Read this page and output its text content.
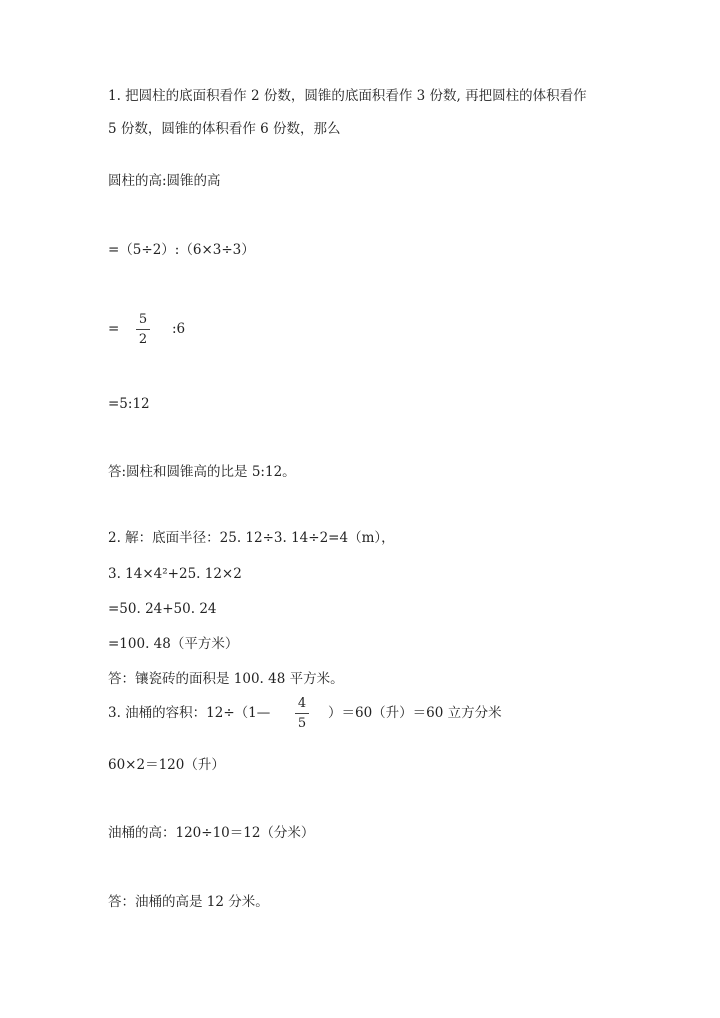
1. 把圆柱的底面积看作 2 份数，圆锥的底面积看作 3 份数, 再把圆柱的体积看作
5 份数，圆锥的体积看作 6 份数，那么
圆柱的高:圆锥的高
=（5÷2）:（6×3÷3）
=
5
2
:6
=5:12
答:圆柱和圆锥高的比是 5:12。
2. 解：底面半径：25. 12÷3. 14÷2=4（m），
3. 14×4²+25. 12×2
=50. 24+50. 24
=100. 48（平方米）
答：镶瓷砖的面积是 100. 48 平方米。
3. 油桶的容积：12÷（1—
4
5
）＝60（升）＝60 立方分米
60×2＝120（升）
油桶的高：120÷10＝12（分米）
答：油桶的高是 12 分米。
